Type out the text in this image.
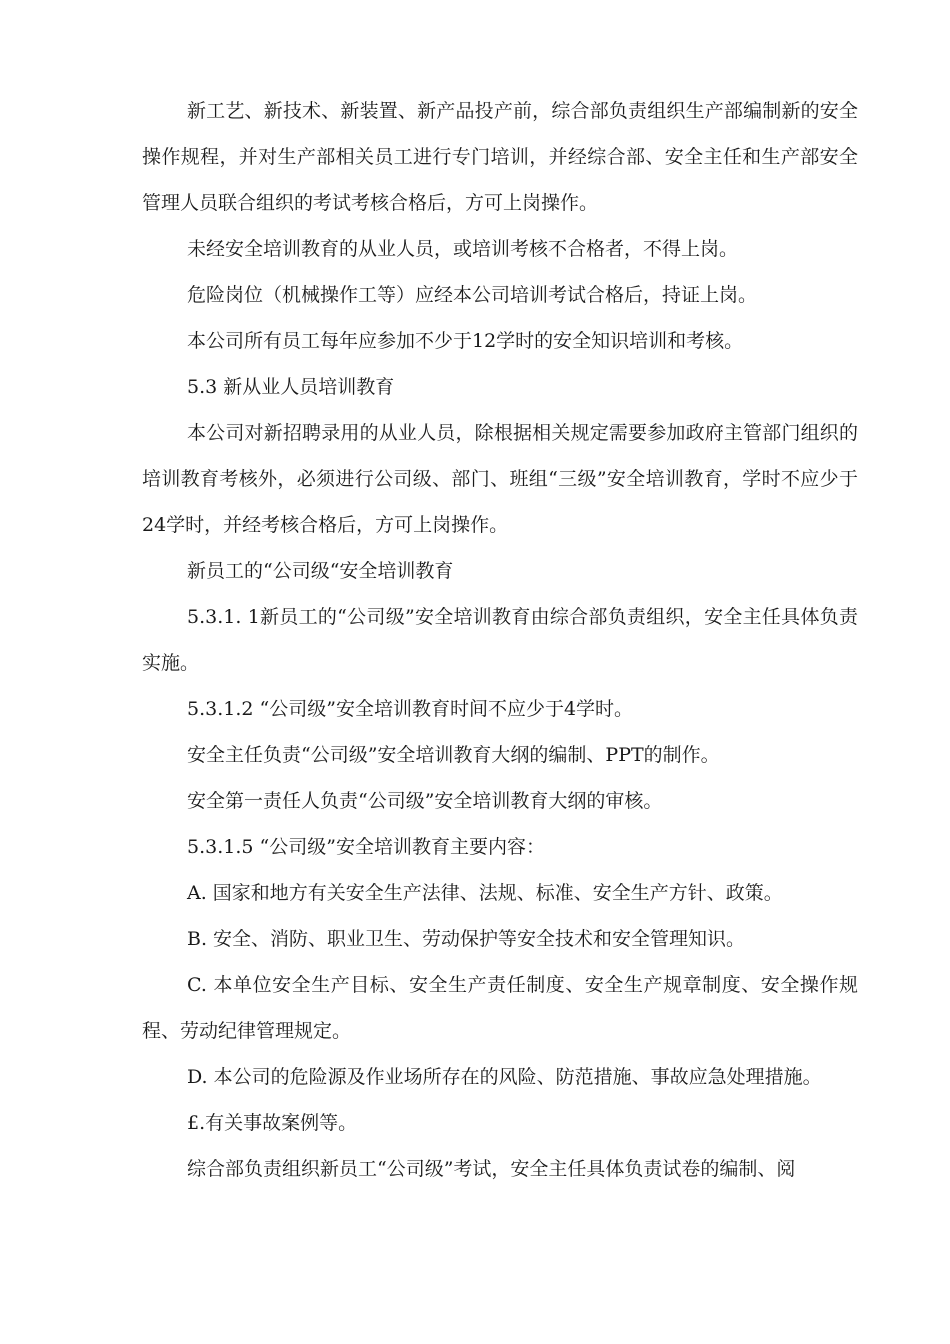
新工艺、新技术、新装置、新产品投产前，综合部负责组织生产部编制新的安全操作规程，并对生产部相关员工进行专门培训，并经综合部、安全主任和生产部安全管理人员联合组织的考试考核合格后，方可上岗操作。

未经安全培训教育的从业人员，或培训考核不合格者，不得上岗。

危险岗位（机械操作工等）应经本公司培训考试合格后，持证上岗。

本公司所有员工每年应参加不少于12学时的安全知识培训和考核。

5.3 新从业人员培训教育

本公司对新招聘录用的从业人员，除根据相关规定需要参加政府主管部门组织的培训教育考核外，必须进行公司级、部门、班组“三级”安全培训教育，学时不应少于24学时，并经考核合格后，方可上岗操作。

新员工的“公司级“安全培训教育

5.3.1. 1新员工的“公司级”安全培训教育由综合部负责组织，安全主任具体负责实施。

5.3.1.2 “公司级”安全培训教育时间不应少于4学时。

安全主任负责“公司级”安全培训教育大纲的编制、PPT的制作。

安全第一责任人负责“公司级”安全培训教育大纲的审核。

5.3.1.5 “公司级”安全培训教育主要内容：

A. 国家和地方有关安全生产法律、法规、标准、安全生产方针、政策。

B. 安全、消防、职业卫生、劳动保护等安全技术和安全管理知识。

C. 本单位安全生产目标、安全生产责任制度、安全生产规章制度、安全操作规程、劳动纪律管理规定。

D. 本公司的危险源及作业场所存在的风险、防范措施、事故应急处理措施。

£.有关事故案例等。

综合部负责组织新员工“公司级”考试，安全主任具体负责试卷的编制、阅
